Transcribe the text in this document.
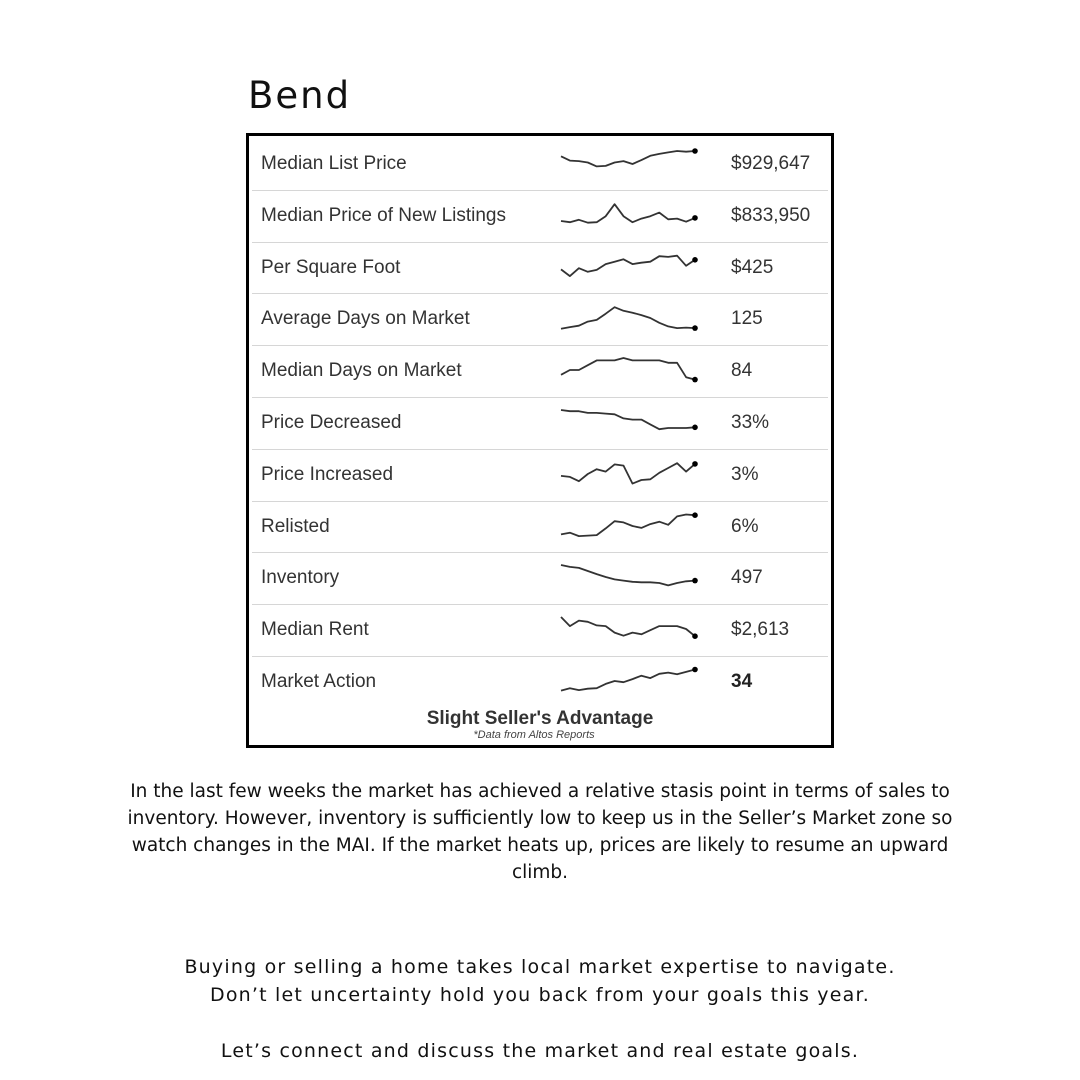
Bend
Median List Price	$929,647
Median Price of New Listings	$833,950
Per Square Foot	$425
Average Days on Market	125
Median Days on Market	84
Price Decreased	33%
Price Increased	3%
Relisted	6%
Inventory	497
Median Rent	$2,613
Market Action	34
Slight Seller's Advantage
*Data from Altos Reports
In the last few weeks the market has achieved a relative stasis point in terms of sales to inventory. However, inventory is sufficiently low to keep us in the Seller’s Market zone so watch changes in the MAI. If the market heats up, prices are likely to resume an upward climb.
Buying or selling a home takes local market expertise to navigate.
Don’t let uncertainty hold you back from your goals this year.
Let’s connect and discuss the market and real estate goals.
